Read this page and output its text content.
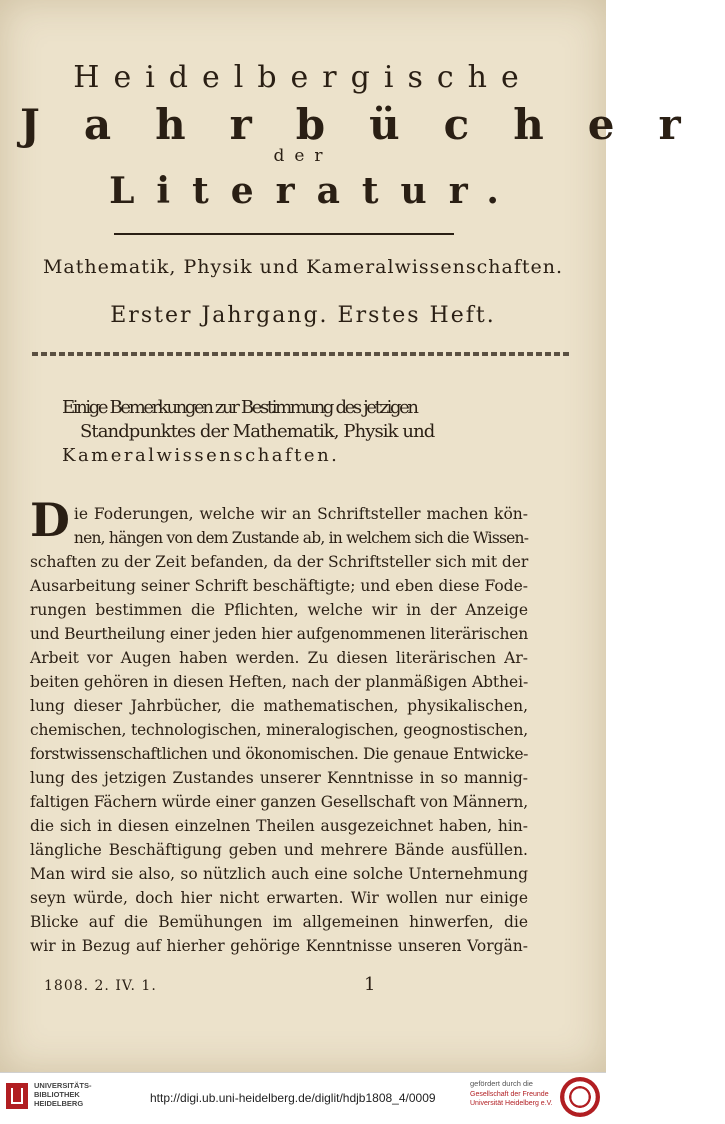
Heidelbergische
Jahrbücher
der
Literatur.
Mathematik, Physik und Kameralwissenschaften.
Erster Jahrgang. Erstes Heft.
Einige Bemerkungen zur Bestimmung des jetzigen
Standpunktes der Mathematik, Physik und
Kameralwissenschaften.
D ie Foderungen, welche wir an Schriftsteller machen kön-
nen, hängen von dem Zustande ab, in welchem sich die Wissen-
schaften zu der Zeit befanden, da der Schriftsteller sich mit der
Ausarbeitung seiner Schrift beschäftigte; und eben diese Fode-
rungen bestimmen die Pflichten, welche wir in der Anzeige
und Beurtheilung einer jeden hier aufgenommenen literärischen
Arbeit vor Augen haben werden. Zu diesen literärischen Ar-
beiten gehören in diesen Heften, nach der planmäßigen Abthei-
lung dieser Jahrbücher, die mathematischen, physikalischen,
chemischen, technologischen, mineralogischen, geognostischen,
forstwissenschaftlichen und ökonomischen. Die genaue Entwicke-
lung des jetzigen Zustandes unserer Kenntnisse in so mannig-
faltigen Fächern würde einer ganzen Gesellschaft von Männern,
die sich in diesen einzelnen Theilen ausgezeichnet haben, hin-
längliche Beschäftigung geben und mehrere Bände ausfüllen.
Man wird sie also, so nützlich auch eine solche Unternehmung
seyn würde, doch hier nicht erwarten. Wir wollen nur einige
Blicke auf die Bemühungen im allgemeinen hinwerfen, die
wir in Bezug auf hierher gehörige Kenntnisse unseren Vorgän-
1808. 2. IV. 1.	1
UNIVERSITÄTS-
BIBLIOTHEK
HEIDELBERG	http://digi.ub.uni-heidelberg.de/diglit/hdjb1808_4/0009
gefördert durch die
Gesellschaft der Freunde
Universität Heidelberg e.V.
